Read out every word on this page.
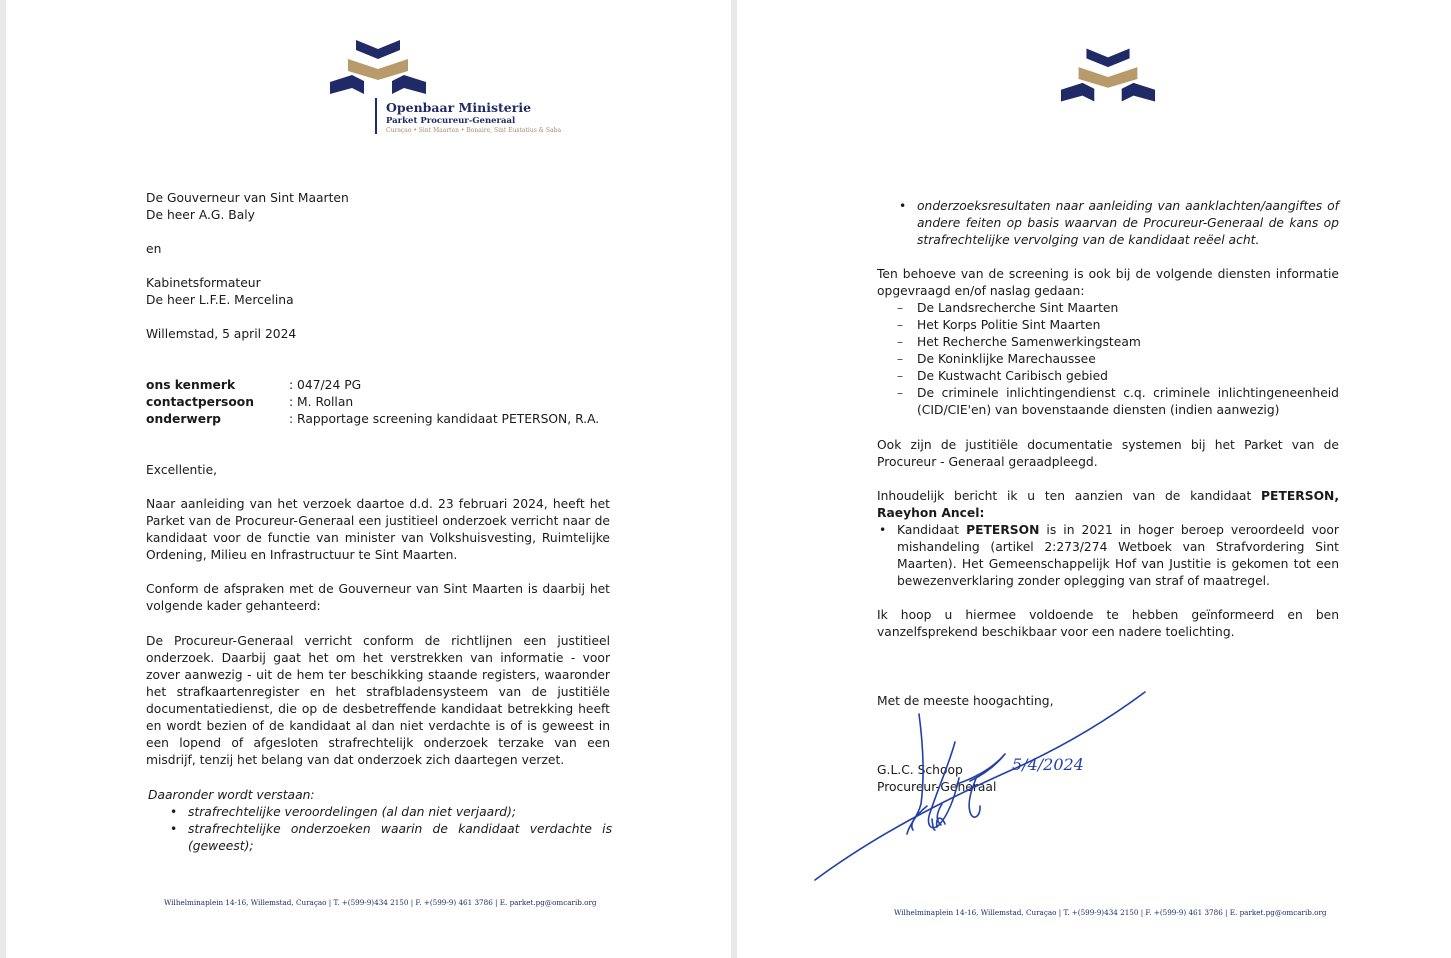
Openbaar Ministerie
Parket Procureur-Generaal
Curaçao • Sint Maarten • Bonaire, Sint Eustatius & Saba
De Gouverneur van Sint Maarten
De heer A.G. Baly
en
Kabinetsformateur
De heer L.F.E. Mercelina
Willemstad, 5 april 2024
ons kenmerk	: 047/24 PG
contactpersoon	: M. Rollan
onderwerp	: Rapportage screening kandidaat PETERSON, R.A.
Excellentie,
Naar aanleiding van het verzoek daartoe d.d. 23 februari 2024, heeft het Parket van de Procureur-Generaal een justitieel onderzoek verricht naar de kandidaat voor de functie van minister van Volkshuisvesting, Ruimtelijke Ordening, Milieu en Infrastructuur te Sint Maarten.
Conform de afspraken met de Gouverneur van Sint Maarten is daarbij het volgende kader gehanteerd:
De Procureur-Generaal verricht conform de richtlijnen een justitieel onderzoek. Daarbij gaat het om het verstrekken van informatie - voor zover aanwezig - uit de hem ter beschikking staande registers, waaronder het strafkaartenregister en het strafbladensysteem van de justitiële documentatiedienst, die op de desbetreffende kandidaat betrekking heeft en wordt bezien of de kandidaat al dan niet verdachte is of is geweest in een lopend of afgesloten strafrechtelijk onderzoek terzake van een misdrijf, tenzij het belang van dat onderzoek zich daartegen verzet.
Daaronder wordt verstaan:
• strafrechtelijke veroordelingen (al dan niet verjaard);
• strafrechtelijke onderzoeken waarin de kandidaat verdachte is (geweest);
Wilhelminaplein 14-16, Willemstad, Curaçao | T. +(599-9)434 2150 | F. +(599-9) 461 3786 | E. parket.pg@omcarib.org
• onderzoeksresultaten naar aanleiding van aanklachten/aangiftes of andere feiten op basis waarvan de Procureur-Generaal de kans op strafrechtelijke vervolging van de kandidaat reëel acht.
Ten behoeve van de screening is ook bij de volgende diensten informatie opgevraagd en/of naslag gedaan:
– De Landsrecherche Sint Maarten
– Het Korps Politie Sint Maarten
– Het Recherche Samenwerkingsteam
– De Koninklijke Marechaussee
– De Kustwacht Caribisch gebied
– De criminele inlichtingendienst c.q. criminele inlichtingeneenheid (CID/CIE'en) van bovenstaande diensten (indien aanwezig)
Ook zijn de justitiële documentatie systemen bij het Parket van de Procureur - Generaal geraadpleegd.
Inhoudelijk bericht ik u ten aanzien van de kandidaat PETERSON, Raeyhon Ancel:
• Kandidaat PETERSON is in 2021 in hoger beroep veroordeeld voor mishandeling (artikel 2:273/274 Wetboek van Strafvordering Sint Maarten). Het Gemeenschappelijk Hof van Justitie is gekomen tot een bewezenverklaring zonder oplegging van straf of maatregel.
Ik hoop u hiermee voldoende te hebben geïnformeerd en ben vanzelfsprekend beschikbaar voor een nadere toelichting.
Met de meeste hoogachting,
G.L.C. Schoop
Procureur-Generaal
5/4/2024
Wilhelminaplein 14-16, Willemstad, Curaçao | T. +(599-9)434 2150 | F. +(599-9) 461 3786 | E. parket.pg@omcarib.org
